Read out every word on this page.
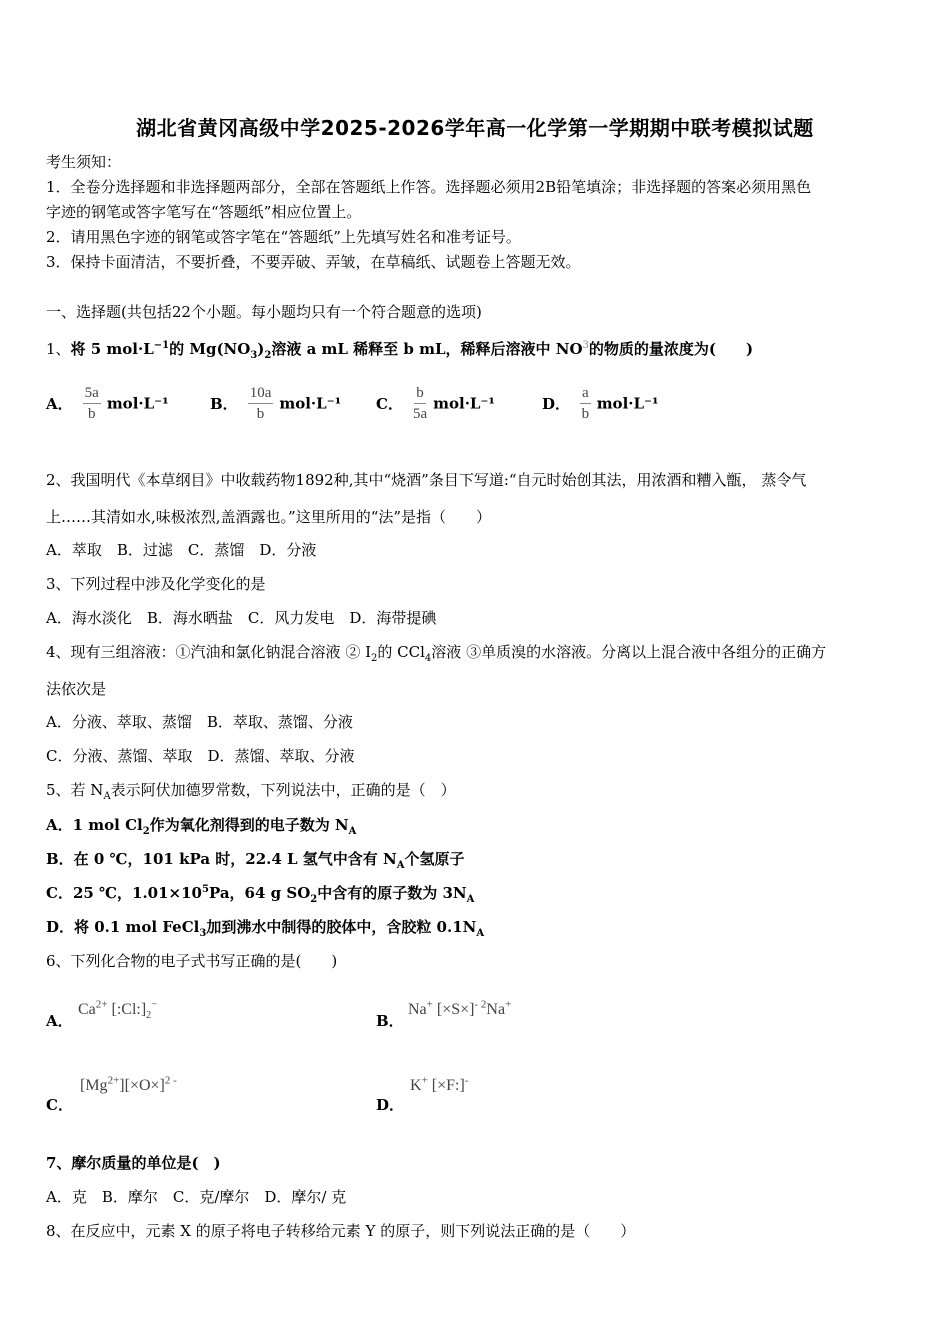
湖北省黄冈高级中学2025-2026学年高一化学第一学期期中联考模拟试题
考生须知：
1．全卷分选择题和非选择题两部分，全部在答题纸上作答。选择题必须用2B铅笔填涂；非选择题的答案必须用黑色
字迹的钢笔或答字笔写在“答题纸”相应位置上。
2．请用黑色字迹的钢笔或答字笔在“答题纸”上先填写姓名和准考证号。
3．保持卡面清洁，不要折叠，不要弄破、弄皱，在草稿纸、试题卷上答题无效。
一、选择题(共包括22个小题。每小题均只有一个符合题意的选项)
1、将 5 $mol\cdot L^{-1}$的 $Mg(NO_3)_2$溶液 a mL 稀释至 b mL，稀释后溶液中 $NO^3$的物质的量浓度为(　　)
A． $\frac{5a}{b} mol\cdot L^{-1}$	B． $\frac{10a}{b} mol\cdot L^{-1}$ C． $\frac{b}{5a} mol\cdot L^{-1}$	D． $\frac{a}{b} mol\cdot L^{-1}$
2、我国明代《本草纲目》中收载药物1892种,其中“烧酒”条目下写道:“自元时始创其法，用浓酒和糟入甑， 蒸令气
上……其清如水,味极浓烈,盖酒露也。”这里所用的“法”是指（　　）
A．萃取　B．过滤　C．蒸馏　D．分液
3、下列过程中涉及化学变化的是
A．海水淡化　B．海水晒盐　C．风力发电　D．海带提碘
4、现有三组溶液：①汽油和氯化钠混合溶液 ② $I_2$的 CCl$_4$溶液 ③单质溴的水溶液。分离以上混合液中各组分的正确方
法依次是
A．分液、萃取、蒸馏　B．萃取、蒸馏、分液
C．分液、蒸馏、萃取　D．蒸馏、萃取、分液
5、若 $N_A$表示阿伏加德罗常数，下列说法中，正确的是（　）
A．1 mol $Cl_2$作为氧化剂得到的电子数为 $N_A$
B．在 0 ℃，101 kPa 时，22.4 L 氢气中含有 $N_A$个氢原子
C．25 ℃，$1.01\times 10^5Pa$，64 g $SO_2$中含有的原子数为 $3N_A$
D．将 0.1 mol FeCl$_3$加到沸水中制得的胶体中，含胶粒 $0.1N_A$
6、下列化合物的电子式书写正确的是(　　)
A．
$Ca^{2+}$ $[:Cl:]_2^-$
B．
Na+ $[\times S\times]^{- 2}Na^+$
C．
$[Mg^{2+}][\times O\times]^{2 -}$
D．
K+ [×F:]-
7、摩尔质量的单位是(　)
A．克　B．摩尔　C．克/摩尔　D．摩尔/ 克
8、在反应中，元素 X 的原子将电子转移给元素 Y 的原子，则下列说法正确的是（　　）
